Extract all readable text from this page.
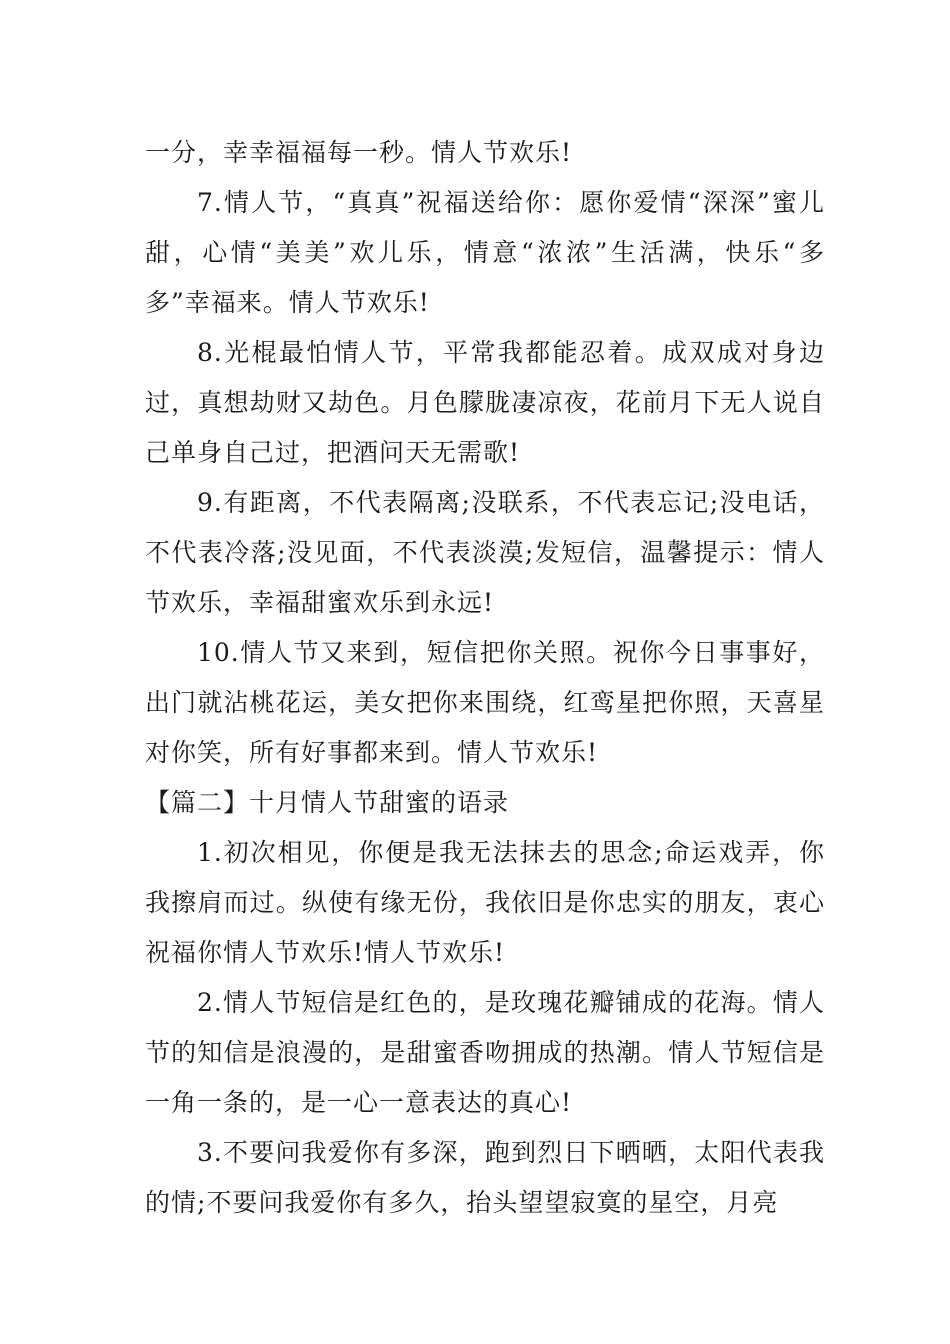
一分，幸幸福福每一秒。情人节欢乐!

7.情人节，“真真”祝福送给你：愿你爱情“深深”蜜儿甜，心情“美美”欢儿乐，情意“浓浓”生活满，快乐“多多”幸福来。情人节欢乐!

8.光棍最怕情人节，平常我都能忍着。成双成对身边过，真想劫财又劫色。月色朦胧凄凉夜，花前月下无人说自己单身自己过，把酒问天无需歌!

9.有距离，不代表隔离;没联系，不代表忘记;没电话，不代表冷落;没见面，不代表淡漠;发短信，温馨提示：情人节欢乐，幸福甜蜜欢乐到永远!

10.情人节又来到，短信把你关照。祝你今日事事好，出门就沾桃花运，美女把你来围绕，红鸾星把你照，天喜星对你笑，所有好事都来到。情人节欢乐!

【篇二】十月情人节甜蜜的语录

1.初次相见，你便是我无法抹去的思念;命运戏弄，你我擦肩而过。纵使有缘无份，我依旧是你忠实的朋友，衷心祝福你情人节欢乐!情人节欢乐!

2.情人节短信是红色的，是玫瑰花瓣铺成的花海。情人节的知信是浪漫的，是甜蜜香吻拥成的热潮。情人节短信是一角一条的，是一心一意表达的真心!

3.不要问我爱你有多深，跑到烈日下晒晒，太阳代表我的情;不要问我爱你有多久，抬头望望寂寞的星空，月亮
